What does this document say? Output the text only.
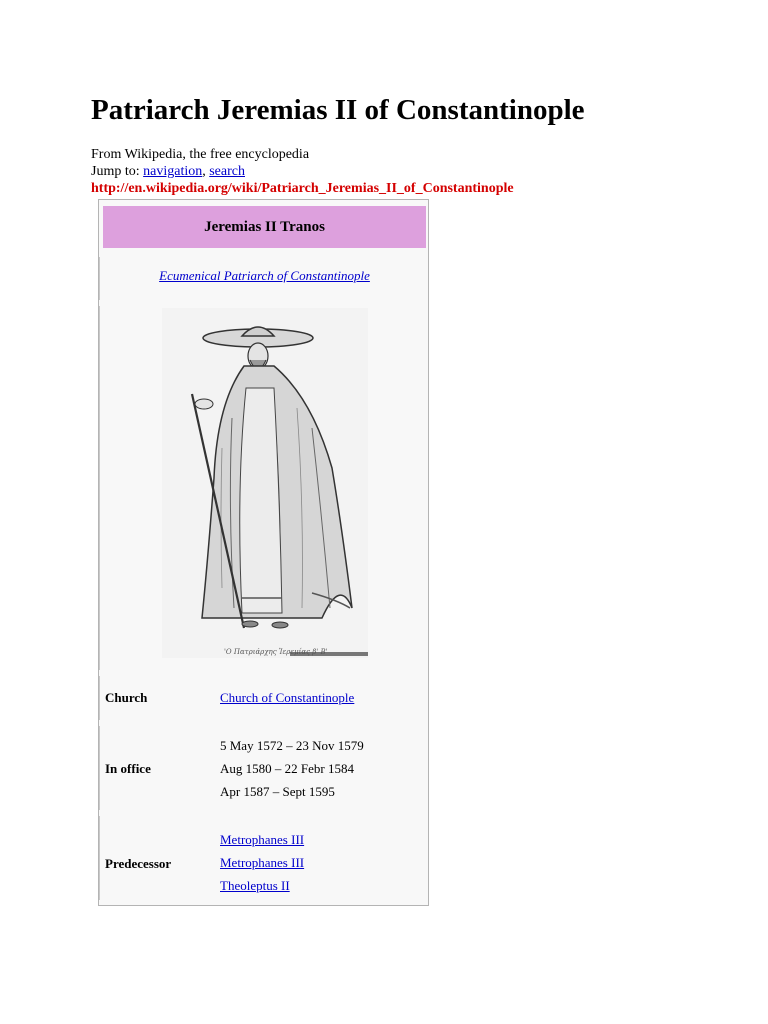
Patriarch Jeremias II of Constantinople
From Wikipedia, the free encyclopedia
Jump to: navigation, search
http://en.wikipedia.org/wiki/Patriarch_Jeremias_II_of_Constantinople
Jeremias II Tranos
Ecumenical Patriarch of Constantinople
'O Πατριάρχης Ἱερεμίας β' Β'
Church	Church of Constantinople
In office
5 May 1572 – 23 Nov 1579
Aug 1580 – 22 Febr 1584
Apr 1587 – Sept 1595
Predecessor
Metrophanes III
Metrophanes III
Theoleptus II
